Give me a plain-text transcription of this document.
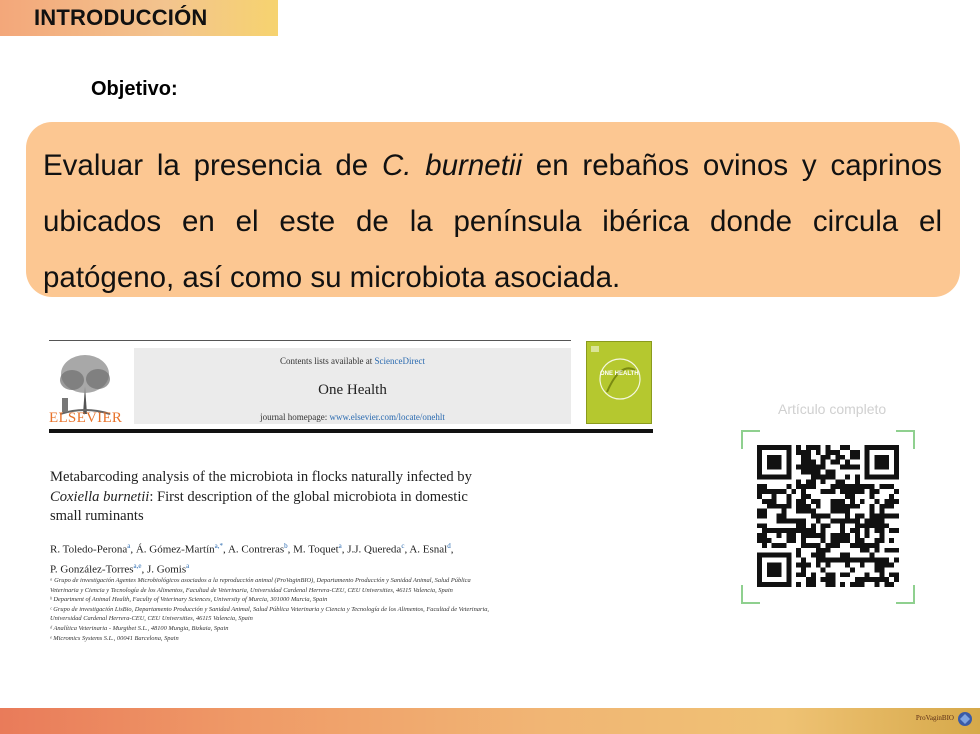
INTRODUCCIÓN
Objetivo:

Evaluar la presencia de C. burnetii en rebaños ovinos y caprinos ubicados en el este de la península ibérica donde circula el patógeno, así como su microbiota asociada.

ELSEVIER
Contents lists available at ScienceDirect
One Health
journal homepage: www.elsevier.com/locate/onehlt
ONE HEALTH
Metabarcoding analysis of the microbiota in flocks naturally infected by
Coxiella burnetii: First description of the global microbiota in domestic
small ruminants
R. Toledo-Perona$^a$, Á. Gómez-Martín$^{a,*}$, A. Contreras$^b$, M. Toquet$^a$, J.J. Quereda$^c$, A. Esnal$^d$,
P. González-Torres$^{a,e}$, J. Gomis$^a$
ᵃ Grupo de investigación Agentes Microbiológicos asociados a la reproducción animal (ProVaginBIO), Departamento Producción y Sanidad Animal, Salud Pública
Veterinaria y Ciencia y Tecnología de los Alimentos, Facultad de Veterinaria, Universidad Cardenal Herrera-CEU, CEU Universities, 46115 Valencia, Spain
ᵇ Department of Animal Health, Faculty of Veterinary Sciences, University of Murcia, 301000 Murcia, Spain
ᶜ Grupo de investigación LisBio, Departamento Producción y Sanidad Animal, Salud Pública Veterinaria y Ciencia y Tecnología de los Alimentos, Facultad de Veterinaria,
Universidad Cardenal Herrera-CEU, CEU Universities, 46115 Valencia, Spain
ᵈ Analítica Veterinaria - Murgibet S.L., 48100 Mungia, Bizkaia, Spain
ᵉ Micromics Systems S.L., 00041 Barcelona, Spain
Artículo completo
ProVaginBIO
